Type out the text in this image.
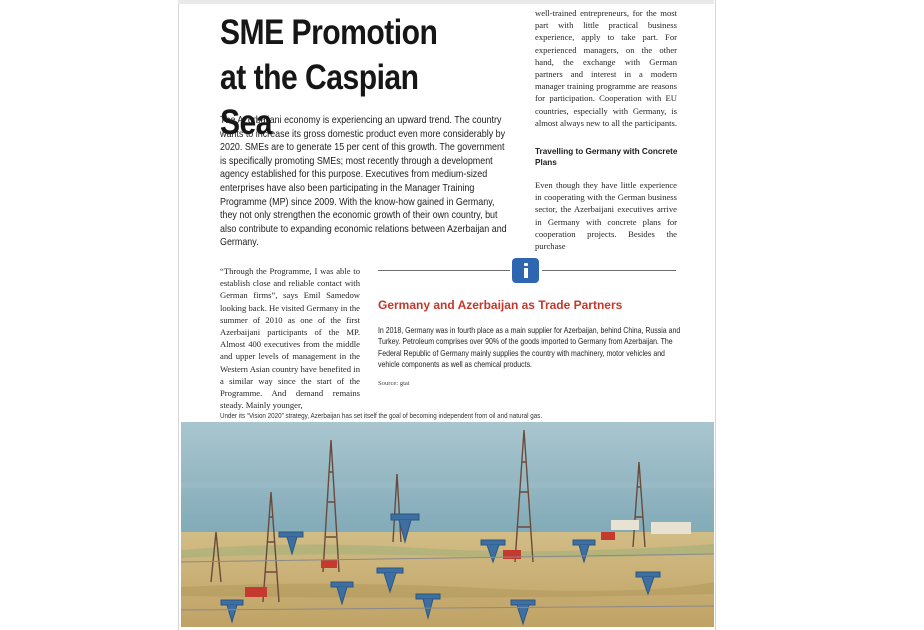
SME Promotion at the Caspian Sea

The Azerbaijani economy is experiencing an upward trend. The country wants to increase its gross domestic product even more considerably by 2020. SMEs are to generate 15 per cent of this growth. The government is specifically promoting SMEs; most recently through a development agency established for this purpose. Executives from medium-sized enterprises have also been participating in the Manager Training Programme (MP) since 2009. With the know-how gained in Germany, they not only strengthen the economic growth of their own country, but also contribute to expanding economic relations between Azerbaijan and Germany.

well-trained entrepreneurs, for the most part with little practical business experience, apply to take part. For experienced managers, on the other hand, the exchange with German partners and interest in a modern manager training programme are reasons for participation. Cooperation with EU countries, especially with Germany, is almost always new to all the participants.

Travelling to Germany with Concrete Plans

Even though they have little experience in cooperating with the German business sector, the Azerbaijani executives arrive in Germany with concrete plans for cooperation projects. Besides the purchase

“Through the Programme, I was able to establish close and reliable contact with German firms”, says Emil Samedow looking back. He visited Germany in the summer of 2010 as one of the first Azerbaijani participants of the MP. Almost 400 executives from the middle and upper levels of management in the Western Asian country have benefited in a similar way since the start of the Programme. And demand remains steady. Mainly younger,

Germany and Azerbaijan as Trade Partners

In 2018, Germany was in fourth place as a main supplier for Azerbaijan, behind China, Russia and Turkey. Petroleum comprises over 90% of the goods imported to Germany from Azerbaijan. The Federal Republic of Germany mainly supplies the country with machinery, motor vehicles and vehicle components as well as chemical products.

Source: gtai

Under its “Vision 2020” strategy, Azerbaijan has set itself the goal of becoming independent from oil and natural gas.
